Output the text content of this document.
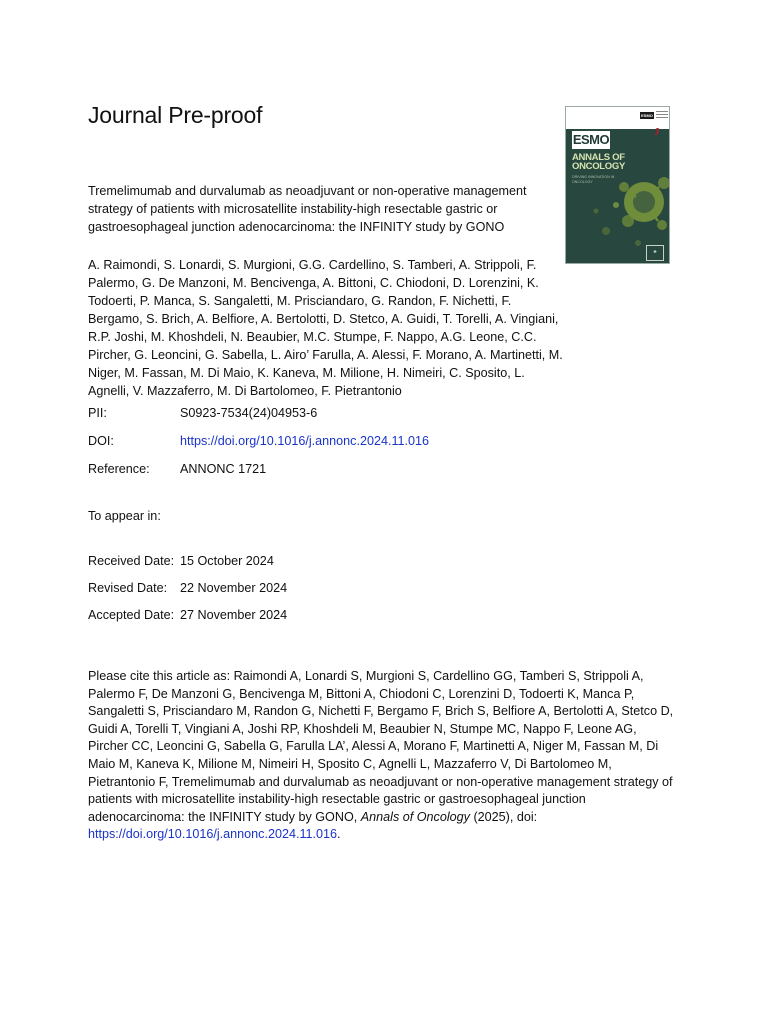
Journal Pre-proof
Tremelimumab and durvalumab as neoadjuvant or non-operative management strategy of patients with microsatellite instability-high resectable gastric or gastroesophageal junction adenocarcinoma: the INFINITY study by GONO
A. Raimondi, S. Lonardi, S. Murgioni, G.G. Cardellino, S. Tamberi, A. Strippoli, F. Palermo, G. De Manzoni, M. Bencivenga, A. Bittoni, C. Chiodoni, D. Lorenzini, K. Todoerti, P. Manca, S. Sangaletti, M. Prisciandaro, G. Randon, F. Nichetti, F. Bergamo, S. Brich, A. Belfiore, A. Bertolotti, D. Stetco, A. Guidi, T. Torelli, A. Vingiani, R.P. Joshi, M. Khoshdeli, N. Beaubier, M.C. Stumpe, F. Nappo, A.G. Leone, C.C. Pircher, G. Leoncini, G. Sabella, L. Airo’ Farulla, A. Alessi, F. Morano, A. Martinetti, M. Niger, M. Fassan, M. Di Maio, K. Kaneva, M. Milione, H. Nimeiri, C. Sposito, L. Agnelli, V. Mazzaferro, M. Di Bartolomeo, F. Pietrantonio
PII:	S0923-7534(24)04953-6
DOI:	https://doi.org/10.1016/j.annonc.2024.11.016
Reference: ANNONC 1721
To appear in:
Received Date: 15 October 2024
Revised Date: 22 November 2024
Accepted Date: 27 November 2024
Please cite this article as: Raimondi A, Lonardi S, Murgioni S, Cardellino GG, Tamberi S, Strippoli A, Palermo F, De Manzoni G, Bencivenga M, Bittoni A, Chiodoni C, Lorenzini D, Todoerti K, Manca P, Sangaletti S, Prisciandaro M, Randon G, Nichetti F, Bergamo F, Brich S, Belfiore A, Bertolotti A, Stetco D, Guidi A, Torelli T, Vingiani A, Joshi RP, Khoshdeli M, Beaubier N, Stumpe MC, Nappo F, Leone AG, Pircher CC, Leoncini G, Sabella G, Farulla LA’, Alessi A, Morano F, Martinetti A, Niger M, Fassan M, Di Maio M, Kaneva K, Milione M, Nimeiri H, Sposito C, Agnelli L, Mazzaferro V, Di Bartolomeo M, Pietrantonio F, Tremelimumab and durvalumab as neoadjuvant or non-operative management strategy of patients with microsatellite instability-high resectable gastric or gastroesophageal junction adenocarcinoma: the INFINITY study by GONO, Annals of Oncology (2025), doi: https://doi.org/10.1016/j.annonc.2024.11.016.
ESMO
J
ESMO
ANNALS OF ONCOLOGY
DRIVING INNOVATION IN ONCOLOGY
♣
